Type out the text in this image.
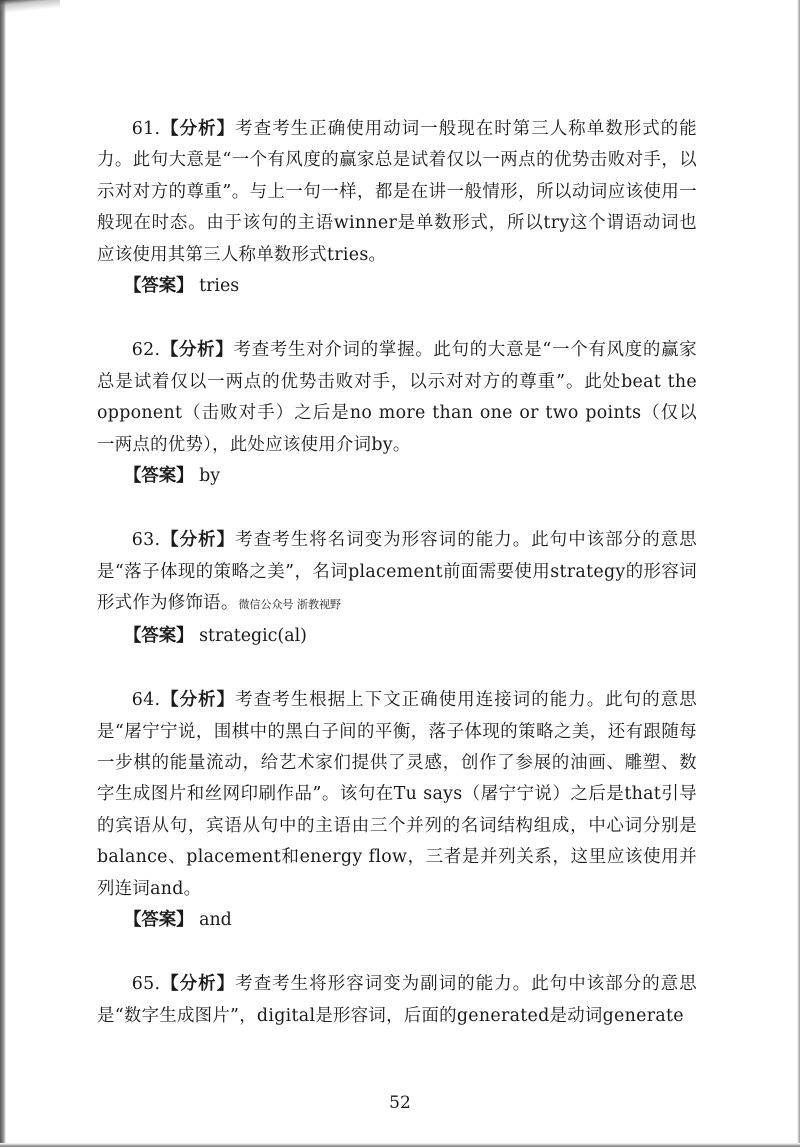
61.【分析】考查考生正确使用动词一般现在时第三人称单数形式的能力。此句大意是“一个有风度的赢家总是试着仅以一两点的优势击败对手，以示对对方的尊重”。与上一句一样，都是在讲一般情形，所以动词应该使用一般现在时态。由于该句的主语winner是单数形式，所以try这个谓语动词也应该使用其第三人称单数形式tries。

【答案】 tries

62.【分析】考查考生对介词的掌握。此句的大意是“一个有风度的赢家总是试着仅以一两点的优势击败对手，以示对对方的尊重”。此处beat the opponent（击败对手）之后是no more than one or two points（仅以一两点的优势），此处应该使用介词by。

【答案】 by

63.【分析】考查考生将名词变为形容词的能力。此句中该部分的意思是“落子体现的策略之美”，名词placement前面需要使用strategy的形容词形式作为修饰语。微信公众号 浙教视野

【答案】 strategic(al)

64.【分析】考查考生根据上下文正确使用连接词的能力。此句的意思是“屠宁宁说，围棋中的黑白子间的平衡，落子体现的策略之美，还有跟随每一步棋的能量流动，给艺术家们提供了灵感，创作了参展的油画、雕塑、数字生成图片和丝网印刷作品”。该句在Tu says（屠宁宁说）之后是that引导的宾语从句，宾语从句中的主语由三个并列的名词结构组成，中心词分别是balance、placement和energy flow，三者是并列关系，这里应该使用并列连词and。

【答案】 and

65.【分析】考查考生将形容词变为副词的能力。此句中该部分的意思是“数字生成图片”，digital是形容词，后面的generated是动词generate

52
